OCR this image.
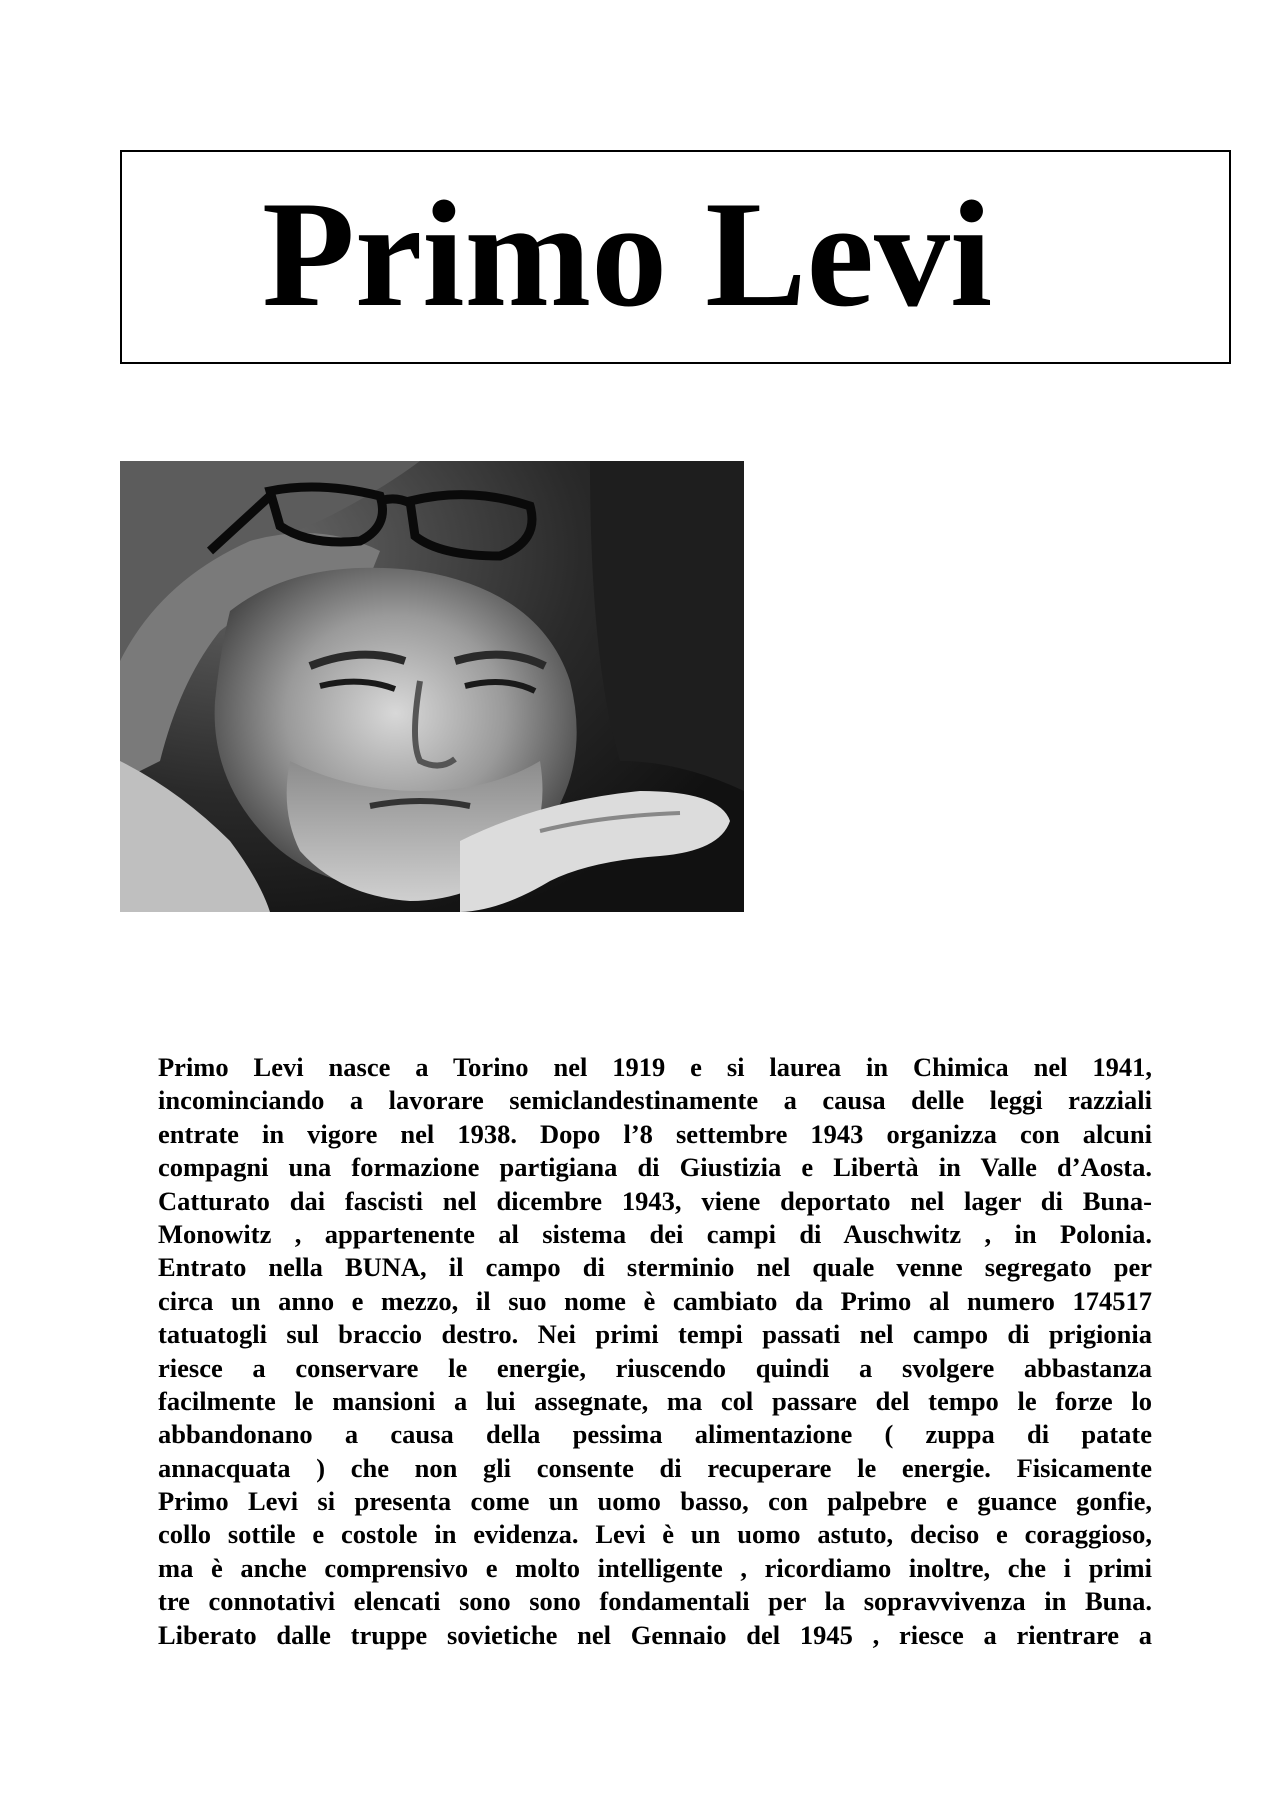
Primo Levi
Primo Levi nasce a Torino nel 1919 e si laurea in Chimica nel 1941,
incominciando a lavorare semiclandestinamente a causa delle leggi razziali
entrate in vigore nel 1938. Dopo l’8 settembre 1943 organizza con alcuni
compagni una formazione partigiana di Giustizia e Libertà in Valle d’Aosta.
Catturato dai fascisti nel dicembre 1943, viene deportato nel lager di Buna-
Monowitz , appartenente al sistema dei campi di Auschwitz , in Polonia.
Entrato nella BUNA, il campo di sterminio nel quale venne segregato per
circa un anno e mezzo, il suo nome è cambiato da Primo al numero 174517
tatuatogli sul braccio destro. Nei primi tempi passati nel campo di prigionia
riesce a conservare le energie, riuscendo quindi a svolgere abbastanza
facilmente le mansioni a lui assegnate, ma col passare del tempo le forze lo
abbandonano a causa della pessima alimentazione ( zuppa di patate
annacquata ) che non gli consente di recuperare le energie. Fisicamente
Primo Levi si presenta come un uomo basso, con palpebre e guance gonfie,
collo sottile e costole in evidenza. Levi è un uomo astuto, deciso e coraggioso,
ma è anche comprensivo e molto intelligente , ricordiamo inoltre, che i primi
tre connotativi elencati sono sono fondamentali per la sopravvivenza in Buna.
Liberato dalle truppe sovietiche nel Gennaio del 1945 , riesce a rientrare a
